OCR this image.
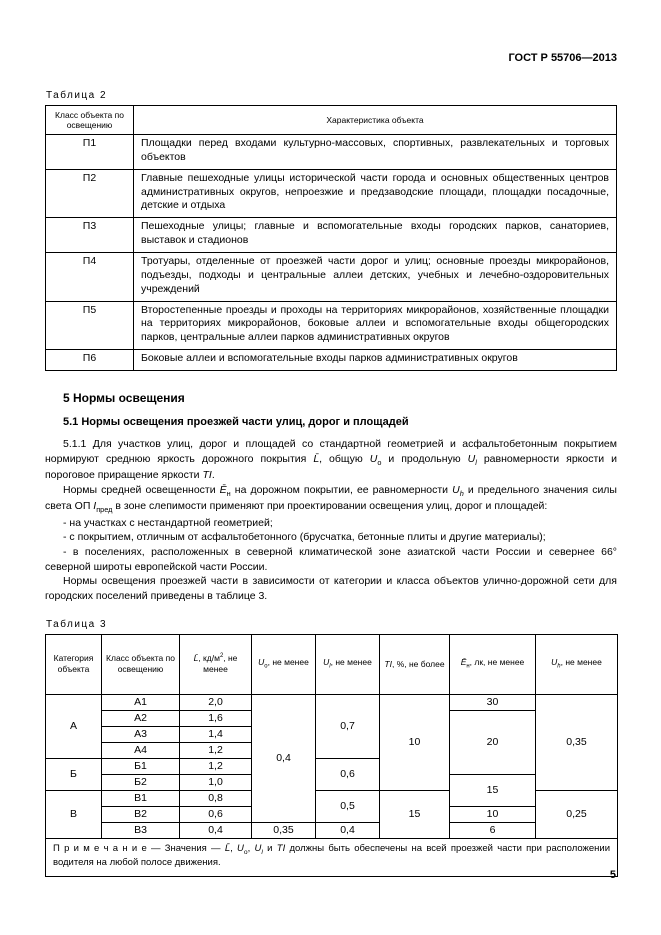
ГОСТ Р 55706—2013
Таблица 2
Класс объекта по освещению	Характеристика объекта
П1	Площадки перед входами культурно-массовых, спортивных, развлекательных и торговых объектов
П2	Главные пешеходные улицы исторической части города и основных общественных центров административных округов, непроезжие и предзаводские площади, площадки посадочные, детские и отдыха
П3	Пешеходные улицы; главные и вспомогательные входы городских парков, санаториев, выставок и стадионов
П4	Тротуары, отделенные от проезжей части дорог и улиц; основные проезды микрорайонов, подъезды, подходы и центральные аллеи детских, учебных и лечебно-оздоровительных учреждений
П5	Второстепенные проезды и проходы на территориях микрорайонов, хозяйственные площадки на территориях микрорайонов, боковые аллеи и вспомогательные входы общегородских парков, центральные аллеи парков административных округов
П6	Боковые аллеи и вспомогательные входы парков административных округов
5 Нормы освещения
5.1 Нормы освещения проезжей части улиц, дорог и площадей

5.1.1 Для участков улиц, дорог и площадей со стандартной геометрией и асфальтобетонным покрытием нормируют среднюю яркость дорожного покрытия L̄, общую $U_о$ и продольную $U_l$ равномерности яркости и пороговое приращение яркости TI.

Нормы средней освещенности $Ē_н$ на дорожном покрытии, ее равномерности $U_h$ и предельного значения силы света ОП $I_{пред}$ в зоне слепимости применяют при проектировании освещения улиц, дорог и площадей:

- на участках с нестандартной геометрией;

- с покрытием, отличным от асфальтобетонного (брусчатка, бетонные плиты и другие материалы);

- в поселениях, расположенных в северной климатической зоне азиатской части России и севернее 66° северной широты европейской части России.

Нормы освещения проезжей части в зависимости от категории и класса объектов улично-дорожной сети для городских поселений приведены в таблице 3.

Таблица 3
Категория объекта	Класс объекта по освещению	L̄, $кд/м^2$, не менее	$U_о$, не менее	$U_l$, не менее	TI, %, не более	$Ē_н$, лк, не менее	$U_h$, не менее
А	А1	2,0	0,4	0,7	10	30	0,35
	А2	1,6				20	
	А3	1,4					
	А4	1,2					
Б	Б1	1,2		0,6			
	Б2	1,0				15	
В	В1	0,8		0,5	15		0,25
	В2	0,6				10	
	В3	0,4	0,35	0,4		6	
П р и м е ч а н и е — Значения — L̄, $U_о$, $U_l$ и TI должны быть обеспечены на всей проезжей части при расположении водителя на любой полосе движения.							
5
